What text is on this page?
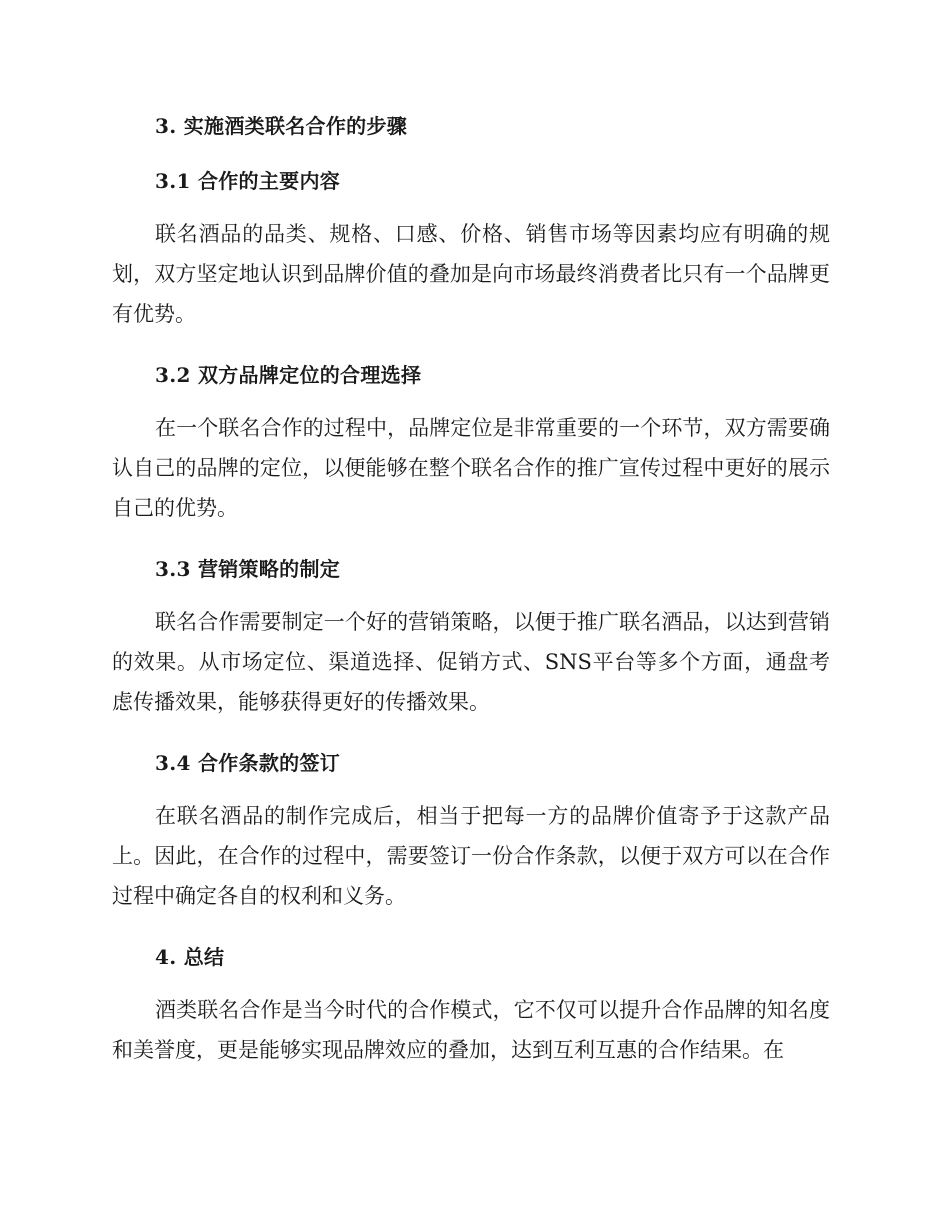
3. 实施酒类联名合作的步骤
3.1 合作的主要内容

联名酒品的品类、规格、口感、价格、销售市场等因素均应有明确的规划，双方坚定地认识到品牌价值的叠加是向市场最终消费者比只有一个品牌更有优势。

3.2 双方品牌定位的合理选择

在一个联名合作的过程中，品牌定位是非常重要的一个环节，双方需要确认自己的品牌的定位，以便能够在整个联名合作的推广宣传过程中更好的展示自己的优势。

3.3 营销策略的制定

联名合作需要制定一个好的营销策略，以便于推广联名酒品，以达到营销的效果。从市场定位、渠道选择、促销方式、SNS平台等多个方面，通盘考虑传播效果，能够获得更好的传播效果。

3.4 合作条款的签订

在联名酒品的制作完成后，相当于把每一方的品牌价值寄予于这款产品上。因此，在合作的过程中，需要签订一份合作条款，以便于双方可以在合作过程中确定各自的权利和义务。

4. 总结

酒类联名合作是当今时代的合作模式，它不仅可以提升合作品牌的知名度和美誉度，更是能够实现品牌效应的叠加，达到互利互惠的合作结果。在
